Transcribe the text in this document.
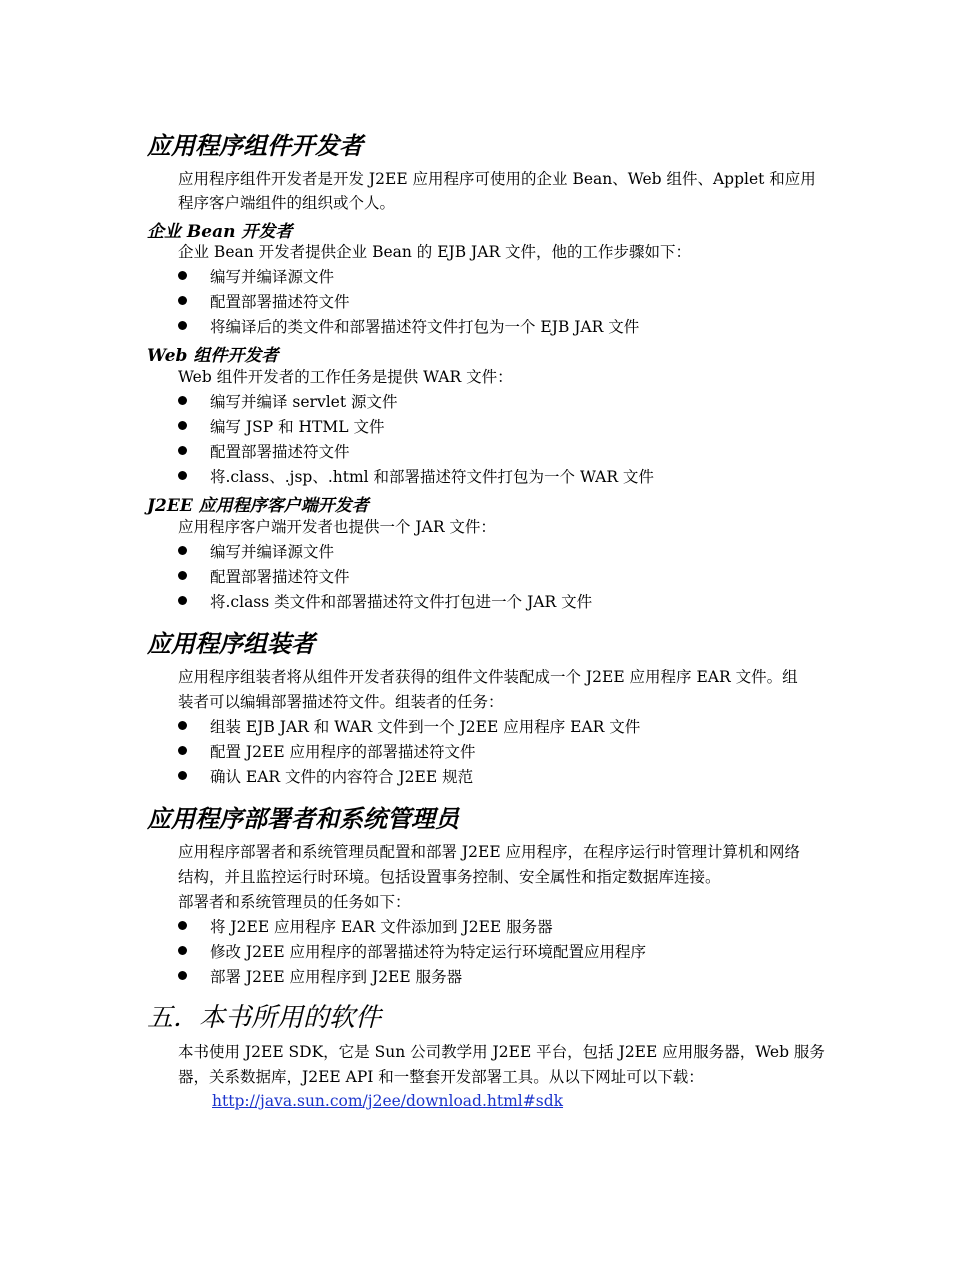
应用程序组件开发者
应用程序组件开发者是开发 J2EE 应用程序可使用的企业 Bean、Web 组件、Applet 和应用
程序客户端组件的组织或个人。
企业 Bean 开发者
企业 Bean 开发者提供企业 Bean 的 EJB JAR 文件，他的工作步骤如下：
编写并编译源文件
配置部署描述符文件
将编译后的类文件和部署描述符文件打包为一个 EJB JAR 文件
Web 组件开发者
Web 组件开发者的工作任务是提供 WAR 文件：
编写并编译 servlet 源文件
编写 JSP 和 HTML 文件
配置部署描述符文件
将.class、.jsp、.html 和部署描述符文件打包为一个 WAR 文件
J2EE 应用程序客户端开发者
应用程序客户端开发者也提供一个 JAR 文件：
编写并编译源文件
配置部署描述符文件
将.class 类文件和部署描述符文件打包进一个 JAR 文件
应用程序组装者
应用程序组装者将从组件开发者获得的组件文件装配成一个 J2EE 应用程序 EAR 文件。组
装者可以编辑部署描述符文件。组装者的任务：
组装 EJB JAR 和 WAR 文件到一个 J2EE 应用程序 EAR 文件
配置 J2EE 应用程序的部署描述符文件
确认 EAR 文件的内容符合 J2EE 规范
应用程序部署者和系统管理员
应用程序部署者和系统管理员配置和部署 J2EE 应用程序，在程序运行时管理计算机和网络
结构，并且监控运行时环境。包括设置事务控制、安全属性和指定数据库连接。
部署者和系统管理员的任务如下：
将 J2EE 应用程序 EAR 文件添加到 J2EE 服务器
修改 J2EE 应用程序的部署描述符为特定运行环境配置应用程序
部署 J2EE 应用程序到 J2EE 服务器
五．本书所用的软件
本书使用 J2EE SDK，它是 Sun 公司教学用 J2EE 平台，包括 J2EE 应用服务器，Web 服务
器，关系数据库，J2EE API 和一整套开发部署工具。从以下网址可以下载：
http://java.sun.com/j2ee/download.html#sdk
